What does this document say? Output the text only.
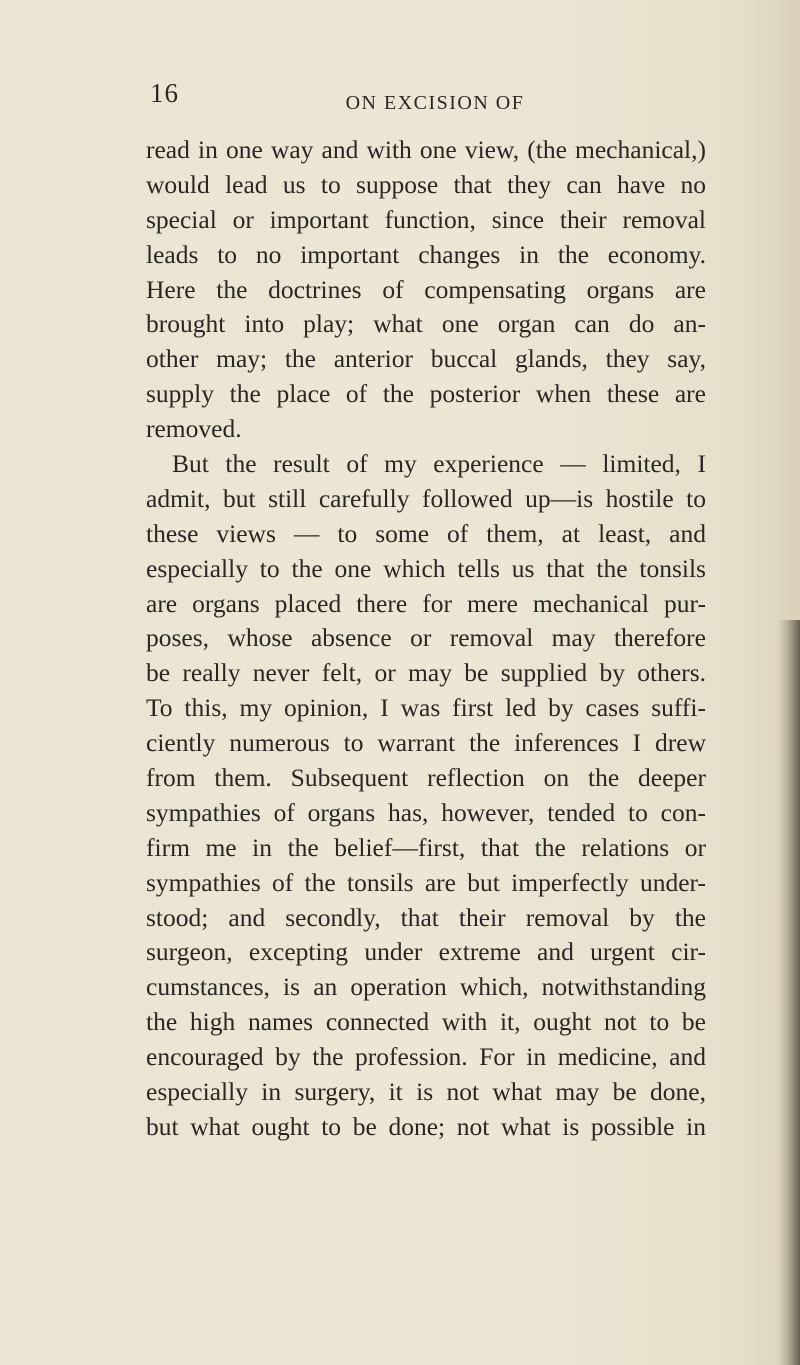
16	ON EXCISION OF
read in one way and with one view, (the mechanical,)
would lead us to suppose that they can have no
special or important function, since their removal
leads to no important changes in the economy.
Here the doctrines of compensating organs are
brought into play; what one organ can do an-
other may; the anterior buccal glands, they say,
supply the place of the posterior when these are
removed.
But the result of my experience — limited, I
admit, but still carefully followed up—is hostile to
these views — to some of them, at least, and
especially to the one which tells us that the tonsils
are organs placed there for mere mechanical pur-
poses, whose absence or removal may therefore
be really never felt, or may be supplied by others.
To this, my opinion, I was first led by cases suffi-
ciently numerous to warrant the inferences I drew
from them. Subsequent reflection on the deeper
sympathies of organs has, however, tended to con-
firm me in the belief—first, that the relations or
sympathies of the tonsils are but imperfectly under-
stood; and secondly, that their removal by the
surgeon, excepting under extreme and urgent cir-
cumstances, is an operation which, notwithstanding
the high names connected with it, ought not to be
encouraged by the profession. For in medicine, and
especially in surgery, it is not what may be done,
but what ought to be done; not what is possible in
